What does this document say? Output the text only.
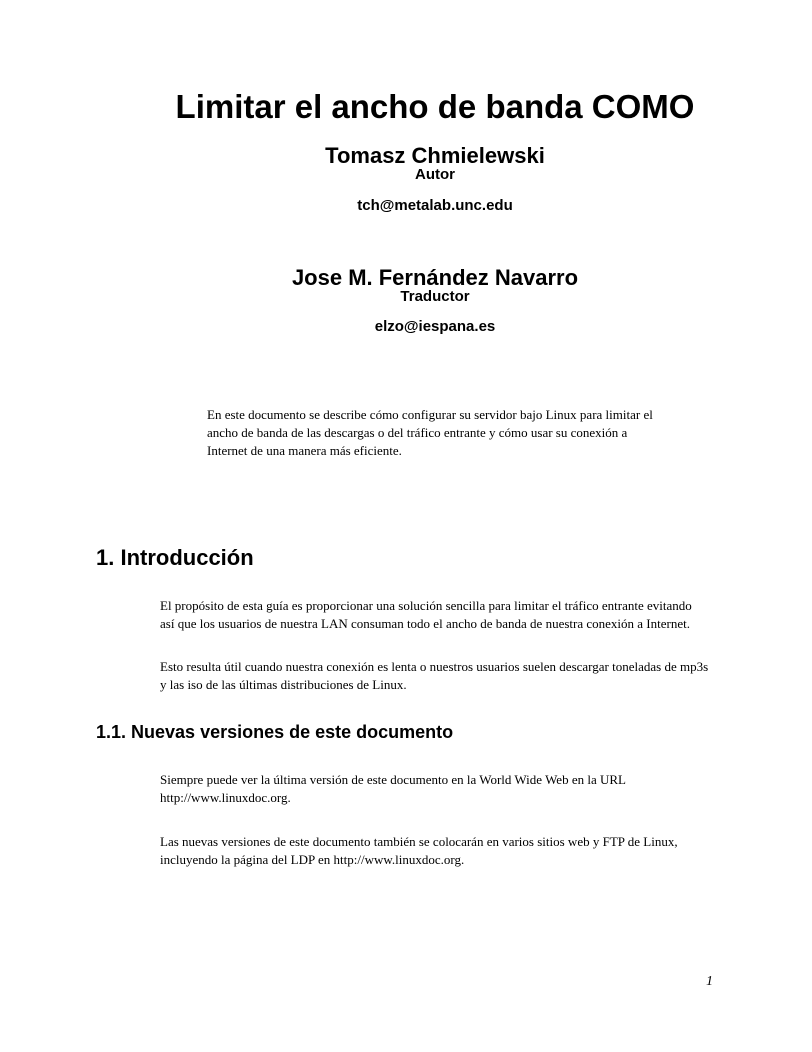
Limitar el ancho de banda COMO
Tomasz Chmielewski
Autor
tch@metalab.unc.edu
Jose M. Fernández Navarro
Traductor
elzo@iespana.es
En este documento se describe cómo configurar su servidor bajo Linux para limitar el
ancho de banda de las descargas o del tráfico entrante y cómo usar su conexión a
Internet de una manera más eficiente.
1. Introducción
El propósito de esta guía es proporcionar una solución sencilla para limitar el tráfico entrante evitando
así que los usuarios de nuestra LAN consuman todo el ancho de banda de nuestra conexión a Internet.
Esto resulta útil cuando nuestra conexión es lenta o nuestros usuarios suelen descargar toneladas de mp3s
y las iso de las últimas distribuciones de Linux.
1.1. Nuevas versiones de este documento
Siempre puede ver la última versión de este documento en la World Wide Web en la URL
http://www.linuxdoc.org.
Las nuevas versiones de este documento también se colocarán en varios sitios web y FTP de Linux,
incluyendo la página del LDP en http://www.linuxdoc.org.
1
